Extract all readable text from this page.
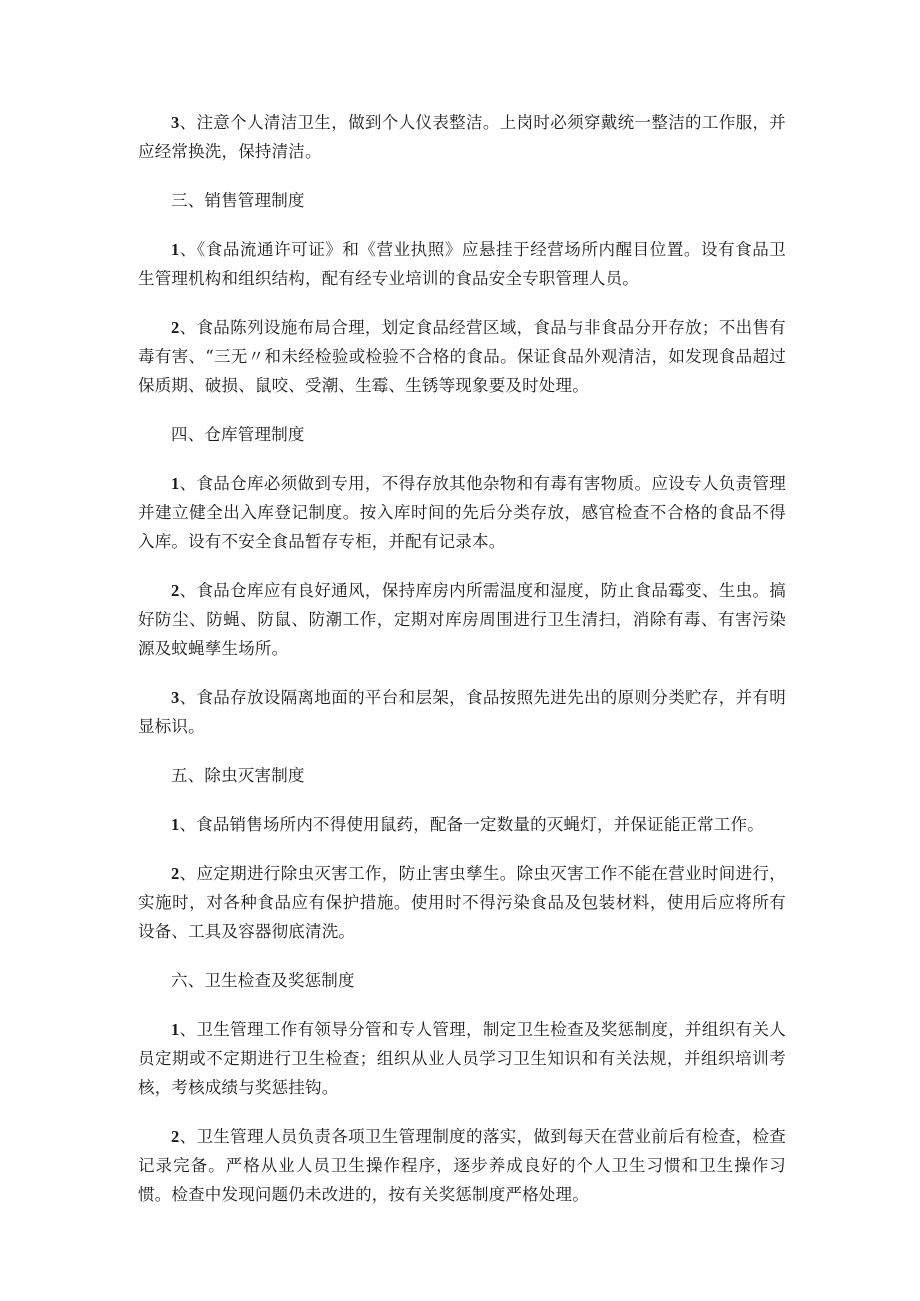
3、注意个人清洁卫生，做到个人仪表整洁。上岗时必须穿戴统一整洁的工作服，并应经常换洗，保持清洁。

三、销售管理制度

1、《食品流通许可证》和《营业执照》应悬挂于经营场所内醒目位置。设有食品卫生管理机构和组织结构，配有经专业培训的食品安全专职管理人员。

2、食品陈列设施布局合理，划定食品经营区域，食品与非食品分开存放；不出售有毒有害、“三无〃和未经检验或检验不合格的食品。保证食品外观清洁，如发现食品超过保质期、破损、鼠咬、受潮、生霉、生锈等现象要及时处理。

四、仓库管理制度

1、食品仓库必须做到专用，不得存放其他杂物和有毒有害物质。应设专人负责管理并建立健全出入库登记制度。按入库时间的先后分类存放，感官检查不合格的食品不得入库。设有不安全食品暂存专柜，并配有记录本。

2、食品仓库应有良好通风，保持库房内所需温度和湿度，防止食品霉变、生虫。搞好防尘、防蝇、防鼠、防潮工作，定期对库房周围进行卫生清扫，消除有毒、有害污染源及蚊蝇孳生场所。

3、食品存放设隔离地面的平台和层架，食品按照先进先出的原则分类贮存，并有明显标识。

五、除虫灭害制度

1、食品销售场所内不得使用鼠药，配备一定数量的灭蝇灯，并保证能正常工作。

2、应定期进行除虫灭害工作，防止害虫孳生。除虫灭害工作不能在营业时间进行，实施时，对各种食品应有保护措施。使用时不得污染食品及包装材料，使用后应将所有设备、工具及容器彻底清洗。

六、卫生检查及奖惩制度

1、卫生管理工作有领导分管和专人管理，制定卫生检查及奖惩制度，并组织有关人员定期或不定期进行卫生检查；组织从业人员学习卫生知识和有关法规，并组织培训考核，考核成绩与奖惩挂钩。

2、卫生管理人员负责各项卫生管理制度的落实，做到每天在营业前后有检查，检查记录完备。严格从业人员卫生操作程序，逐步养成良好的个人卫生习惯和卫生操作习惯。检查中发现问题仍未改进的，按有关奖惩制度严格处理。
